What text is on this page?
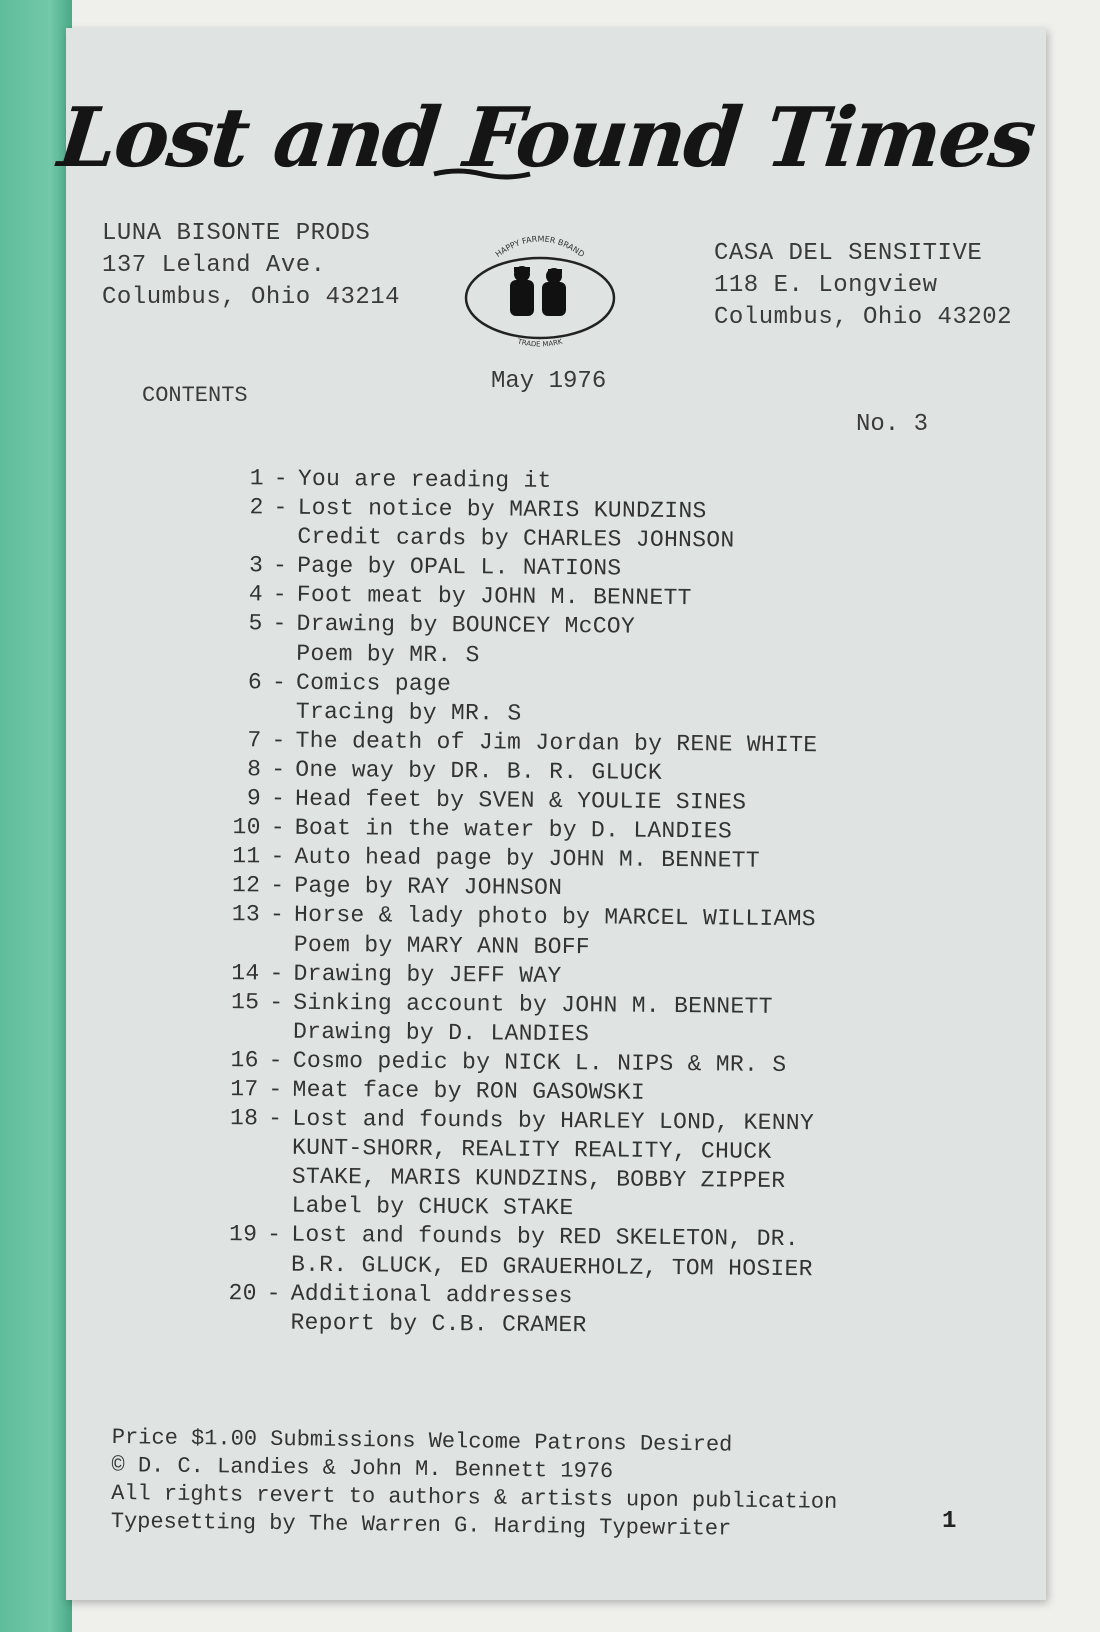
Lost and Found Times
LUNA BISONTE PRODS
137 Leland Ave.
Columbus, Ohio 43214
HAPPY FARMER BRAND
TRADE MARK
CASA DEL SENSITIVE
118 E. Longview
Columbus, Ohio 43202
May 1976
CONTENTS
No. 3
1 - You are reading it
2 - Lost notice by MARIS KUNDZINS
Credit cards by CHARLES JOHNSON
3 - Page by OPAL L. NATIONS
4 - Foot meat by JOHN M. BENNETT
5 - Drawing by BOUNCEY McCOY
Poem by MR. S
6 - Comics page
Tracing by MR. S
7 - The death of Jim Jordan by RENE WHITE
8 - One way by DR. B. R. GLUCK
9 - Head feet by SVEN & YOULIE SINES
10 - Boat in the water by D. LANDIES
11 - Auto head page by JOHN M. BENNETT
12 - Page by RAY JOHNSON
13 - Horse & lady photo by MARCEL WILLIAMS
Poem by MARY ANN BOFF
14 - Drawing by JEFF WAY
15 - Sinking account by JOHN M. BENNETT
Drawing by D. LANDIES
16 - Cosmo pedic by NICK L. NIPS & MR. S
17 - Meat face by RON GASOWSKI
18 - Lost and founds by HARLEY LOND, KENNY
KUNT-SHORR, REALITY REALITY, CHUCK
STAKE, MARIS KUNDZINS, BOBBY ZIPPER
Label by CHUCK STAKE
19 - Lost and founds by RED SKELETON, DR.
B.R. GLUCK, ED GRAUERHOLZ, TOM HOSIER
20 - Additional addresses
Report by C.B. CRAMER
Price $1.00 Submissions Welcome Patrons Desired
© D. C. Landies & John M. Bennett 1976
All rights revert to authors & artists upon publication
Typesetting by The Warren G. Harding Typewriter	1
